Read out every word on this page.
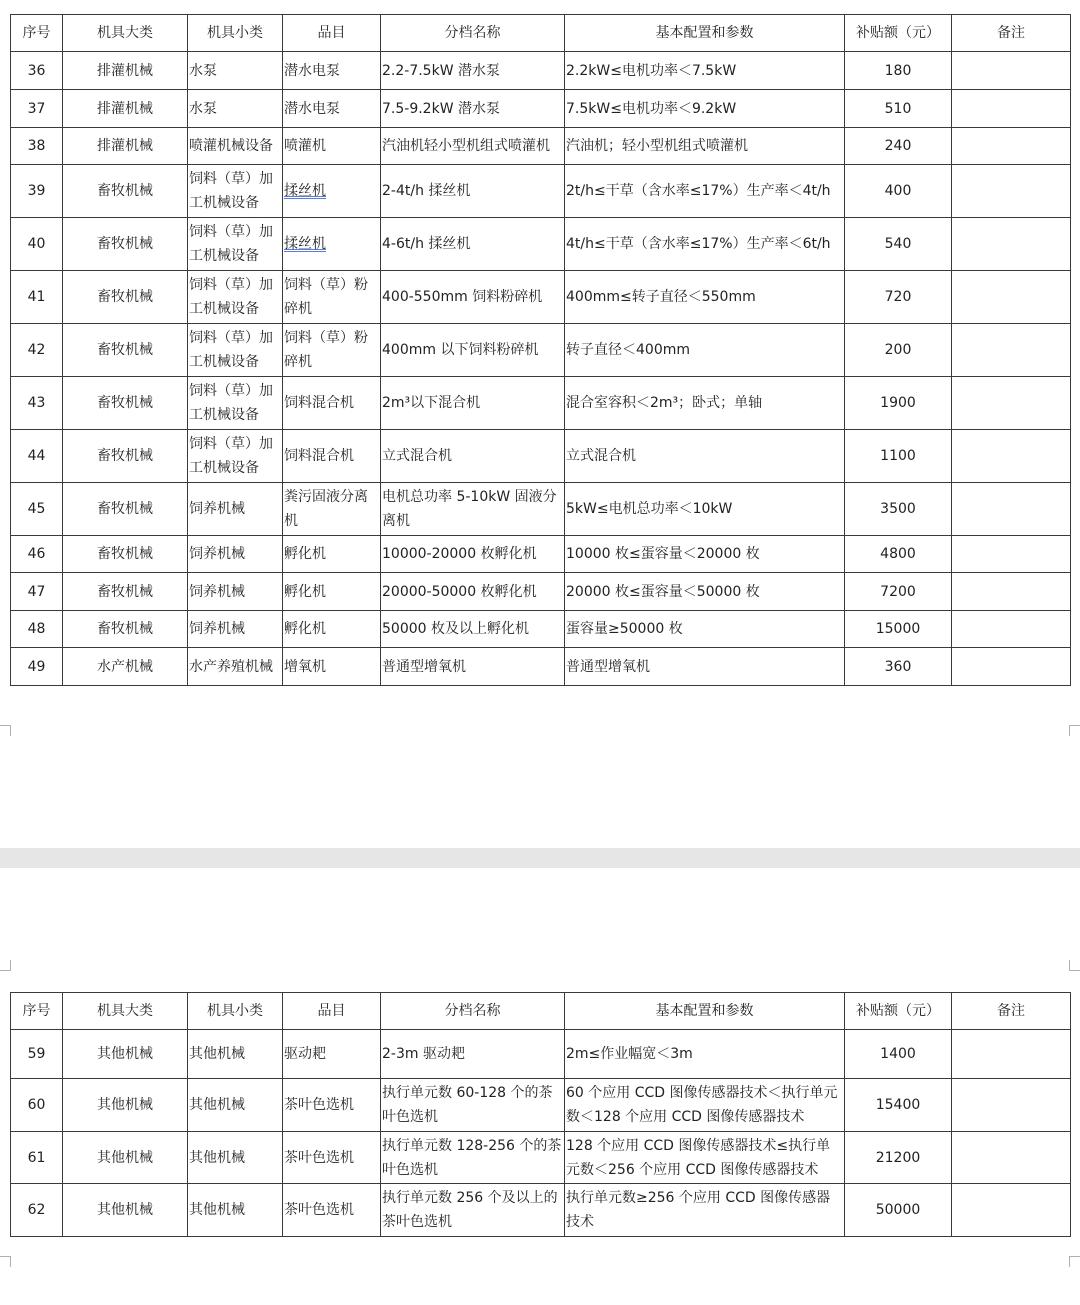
序号	机具大类	机具小类	品目	分档名称	基本配置和参数	补贴额（元）	备注
36	排灌机械	水泵	潜水电泵	2.2-7.5kW 潜水泵	2.2kW≤电机功率＜7.5kW	180	
37	排灌机械	水泵	潜水电泵	7.5-9.2kW 潜水泵	7.5kW≤电机功率＜9.2kW	510	
38	排灌机械	喷灌机械设备	喷灌机	汽油机轻小型机组式喷灌机	汽油机；轻小型机组式喷灌机	240	
39	畜牧机械	饲料（草）加工机械设备	揉丝机	2-4t/h 揉丝机	2t/h≤干草（含水率≤17%）生产率＜4t/h	400	
40	畜牧机械	饲料（草）加工机械设备	揉丝机	4-6t/h 揉丝机	4t/h≤干草（含水率≤17%）生产率＜6t/h	540	
41	畜牧机械	饲料（草）加工机械设备	饲料（草）粉碎机	400-550mm 饲料粉碎机	400mm≤转子直径＜550mm	720	
42	畜牧机械	饲料（草）加工机械设备	饲料（草）粉碎机	400mm 以下饲料粉碎机	转子直径＜400mm	200	
43	畜牧机械	饲料（草）加工机械设备	饲料混合机	2m³以下混合机	混合室容积＜2m³；卧式；单轴	1900	
44	畜牧机械	饲料（草）加工机械设备	饲料混合机	立式混合机	立式混合机	1100	
45	畜牧机械	饲养机械	粪污固液分离机	电机总功率 5-10kW 固液分离机	5kW≤电机总功率＜10kW	3500	
46	畜牧机械	饲养机械	孵化机	10000-20000 枚孵化机	10000 枚≤蛋容量＜20000 枚	4800	
47	畜牧机械	饲养机械	孵化机	20000-50000 枚孵化机	20000 枚≤蛋容量＜50000 枚	7200	
48	畜牧机械	饲养机械	孵化机	50000 枚及以上孵化机	蛋容量≥50000 枚	15000	
49	水产机械	水产养殖机械	增氧机	普通型增氧机	普通型增氧机	360	
序号	机具大类	机具小类	品目	分档名称	基本配置和参数	补贴额（元）	备注
59	其他机械	其他机械	驱动耙	2-3m 驱动耙	2m≤作业幅宽＜3m	1400	
60	其他机械	其他机械	茶叶色选机	执行单元数 60-128 个的茶叶色选机	60 个应用 CCD 图像传感器技术＜执行单元数＜128 个应用 CCD 图像传感器技术	15400	
61	其他机械	其他机械	茶叶色选机	执行单元数 128-256 个的茶叶色选机	128 个应用 CCD 图像传感器技术≤执行单元数＜256 个应用 CCD 图像传感器技术	21200	
62	其他机械	其他机械	茶叶色选机	执行单元数 256 个及以上的茶叶色选机	执行单元数≥256 个应用 CCD 图像传感器技术	50000	
